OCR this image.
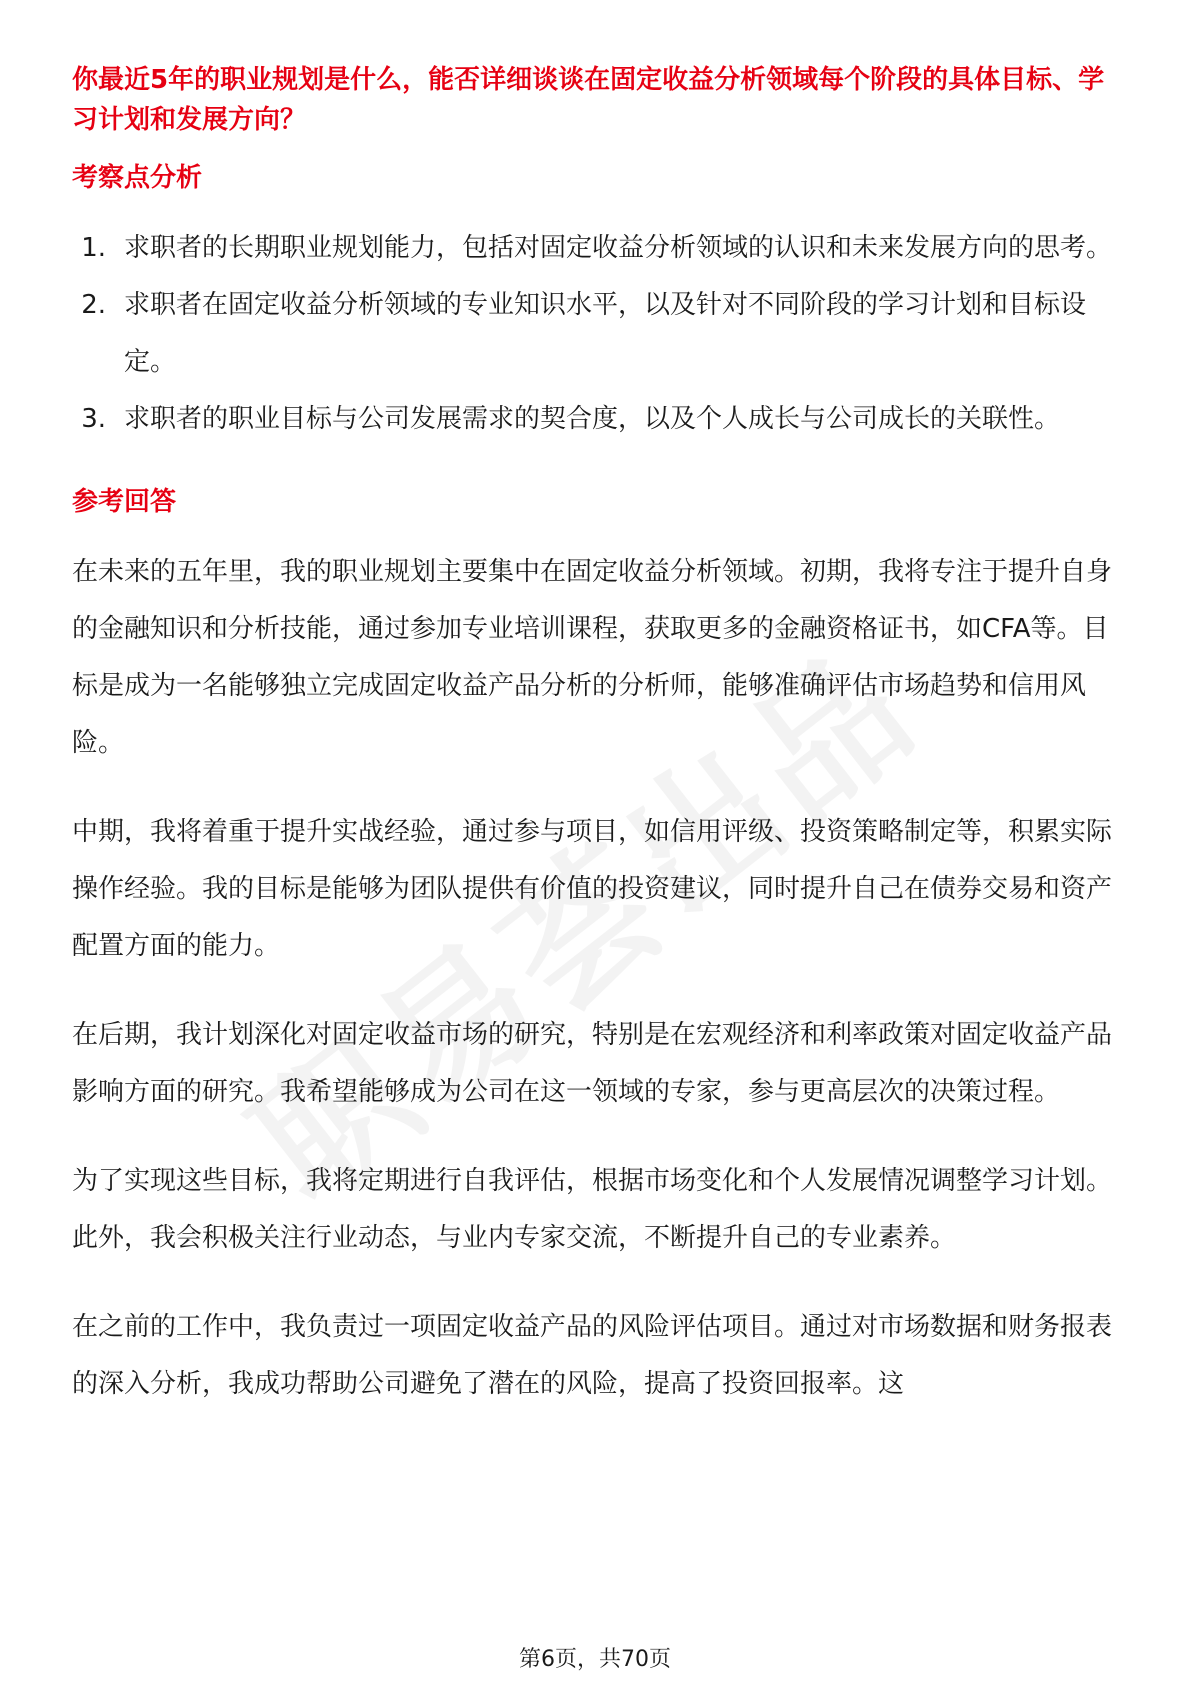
你最近5年的职业规划是什么，能否详细谈谈在固定收益分析领域每个阶段的具体目标、学习计划和发展方向？
考察点分析
1. 求职者的长期职业规划能力，包括对固定收益分析领域的认识和未来发展方向的思考。
2. 求职者在固定收益分析领域的专业知识水平，以及针对不同阶段的学习计划和目标设定。
3. 求职者的职业目标与公司发展需求的契合度，以及个人成长与公司成长的关联性。
参考回答

在未来的五年里，我的职业规划主要集中在固定收益分析领域。初期，我将专注于提升自身的金融知识和分析技能，通过参加专业培训课程，获取更多的金融资格证书，如CFA等。目标是成为一名能够独立完成固定收益产品分析的分析师，能够准确评估市场趋势和信用风险。

中期，我将着重于提升实战经验，通过参与项目，如信用评级、投资策略制定等，积累实际操作经验。我的目标是能够为团队提供有价值的投资建议，同时提升自己在债券交易和资产配置方面的能力。

在后期，我计划深化对固定收益市场的研究，特别是在宏观经济和利率政策对固定收益产品影响方面的研究。我希望能够成为公司在这一领域的专家，参与更高层次的决策过程。

为了实现这些目标，我将定期进行自我评估，根据市场变化和个人发展情况调整学习计划。此外，我会积极关注行业动态，与业内专家交流，不断提升自己的专业素养。

在之前的工作中，我负责过一项固定收益产品的风险评估项目。通过对市场数据和财务报表的深入分析，我成功帮助公司避免了潜在的风险，提高了投资回报率。这

第6页，共70页
